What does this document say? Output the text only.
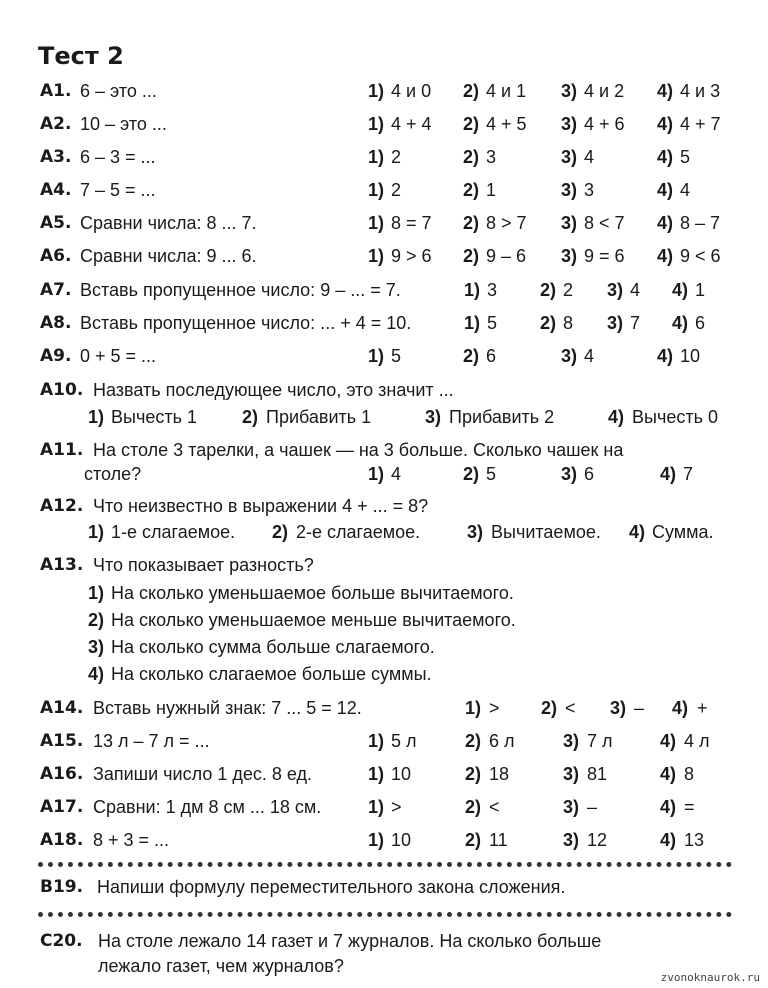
Тест 2
А1. 6 – это ...	1) 4 и 0 2) 4 и 1 3) 4 и 2 4) 4 и 3
А2. 10 – это ...	1) 4 + 4 2) 4 + 5 3) 4 + 6 4) 4 + 7
А3. 6 – 3 = ...	1) 2	2) 3	3) 4	4) 5
А4. 7 – 5 = ...	1) 2	2) 1	3) 3	4) 4
А5. Сравни числа: 8 ... 7.	1) 8 = 7 2) 8 > 7 3) 8 < 7 4) 8 – 7
А6. Сравни числа: 9 ... 6.	1) 9 > 6 2) 9 – 6 3) 9 = 6 4) 9 < 6
А7. Вставь пропущенное число: 9 – ... = 7.	1) 3 2) 2 3) 4 4) 1
А8. Вставь пропущенное число: ... + 4 = 10.	1) 5 2) 8 3) 7 4) 6
А9. 0 + 5 = ...	1) 5	2) 6	3) 4	4) 10
А10. Назвать последующее число, это значит ...
1) Вычесть 1	2) Прибавить 1	3) Прибавить 2	4) Вычесть 0
А11. На столе 3 тарелки, а чашек — на 3 больше. Сколько чашек на
столе?	1) 4	2) 5	3) 6	4) 7
А12. Что неизвестно в выражении 4 + ... = 8?
1) 1-е слагаемое. 2) 2-е слагаемое.	3) Вычитаемое. 4) Сумма.
А13. Что показывает разность?
1) На сколько уменьшаемое больше вычитаемого.
2) На сколько уменьшаемое меньше вычитаемого.
3) На сколько сумма больше слагаемого.
4) На сколько слагаемое больше суммы.
А14. Вставь нужный знак: 7 ... 5 = 12.	1) > 2) < 3) – 4) +
А15. 13 л – 7 л = ...	1) 5 л	2) 6 л	3) 7 л	4) 4 л
А16. Запиши число 1 дес. 8 ед.	1) 10	2) 18	3) 81	4) 8
А17. Сравни: 1 дм 8 см ... 18 см.	1) >	2) <	3) –	4) =
А18. 8 + 3 = ...	1) 10	2) 11	3) 12	4) 13
В19. Напиши формулу переместительного закона сложения.
С20. На столе лежало 14 газет и 7 журналов. На сколько больше
лежало газет, чем журналов?
zvonoknaurok.ru
